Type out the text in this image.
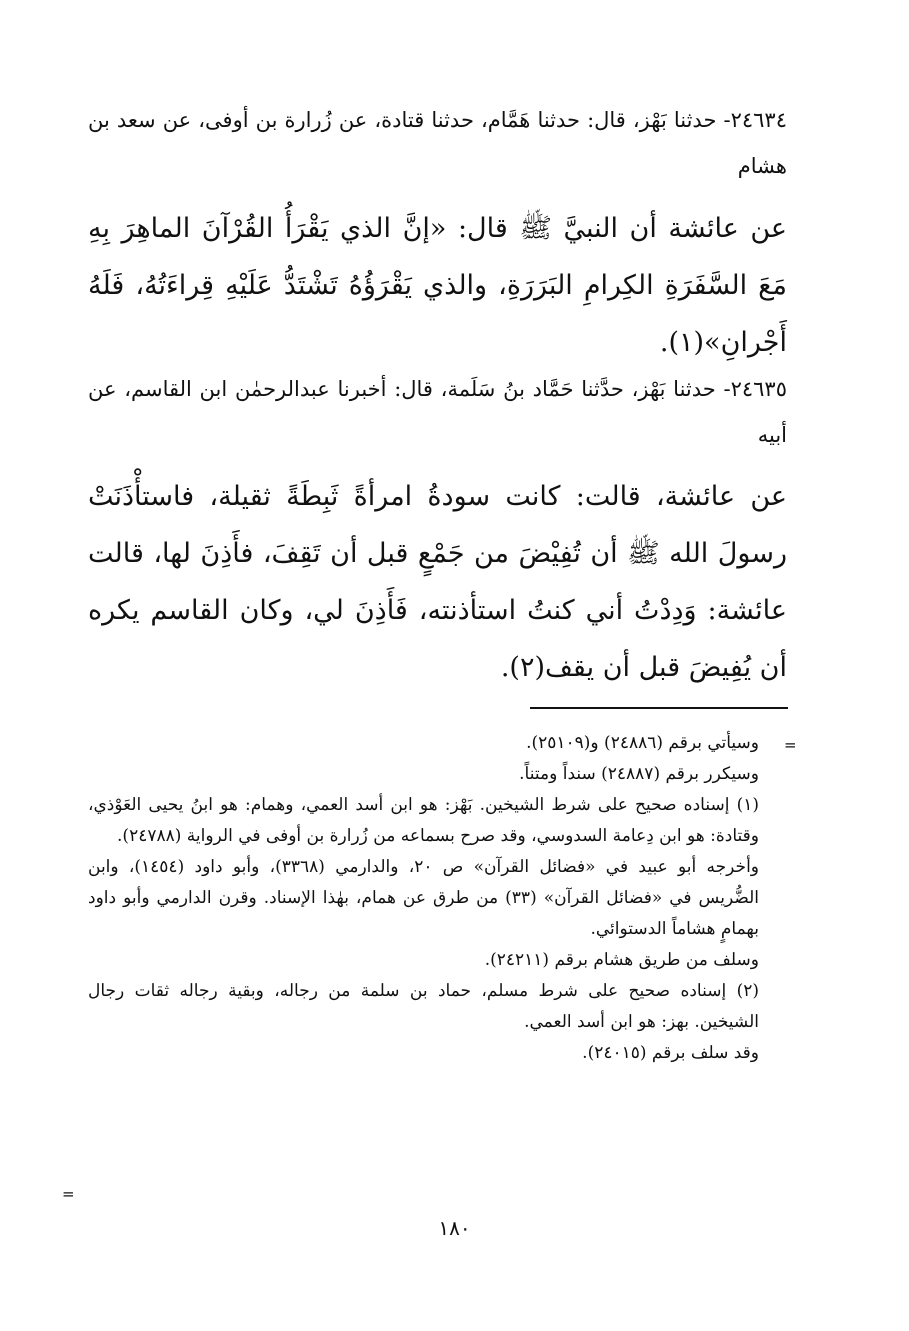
٢٤٦٣٤- حدثنا بَهْز، قال: حدثنا هَمَّام، حدثنا قتادة، عن زُرارة بن أوفى، عن سعد بن هشام
عن عائشة أن النبيَّ ﷺ قال: «إنَّ الذي يَقْرَأُ القُرْآنَ الماهِرَ بِهِ مَعَ السَّفَرَةِ الكِرامِ البَرَرَةِ، والذي يَقْرَؤُهُ تَشْتَدُّ عَلَيْهِ قِراءَتُهُ، فَلَهُ أَجْرانِ»(١).
٢٤٦٣٥- حدثنا بَهْز، حدَّثنا حَمَّاد بنُ سَلَمة، قال: أخبرنا عبدالرحمٰن ابن القاسم، عن أبيه
عن عائشة، قالت: كانت سودةُ امرأةً ثَبِطَةً ثقيلة، فاستأْذَنَتْ رسولَ الله ﷺ أن تُفِيْضَ من جَمْعٍ قبل أن تَقِفَ، فأَذِنَ لها، قالت عائشة: وَدِدْتُ أني كنتُ استأذنته، فَأَذِنَ لي، وكان القاسم يكره أن يُفِيضَ قبل أن يقف(٢).
=

وسيأتي برقم (٢٤٨٨٦) و(٢٥١٠٩).

وسيكرر برقم (٢٤٨٨٧) سنداً ومتناً.

(١) إسناده صحيح على شرط الشيخين. بَهْز: هو ابن أسد العمي، وهمام: هو ابنُ يحيى العَوْذي، وقتادة: هو ابن دِعامة السدوسي، وقد صرح بسماعه من زُرارة بن أوفى في الرواية (٢٤٧٨٨).

وأخرجه أبو عبيد في «فضائل القرآن» ص ٢٠، والدارمي (٣٣٦٨)، وأبو داود (١٤٥٤)، وابن الضُّريس في «فضائل القرآن» (٣٣) من طرق عن همام، بهٰذا الإسناد. وقرن الدارمي وأبو داود بهمامٍ هشاماً الدستوائي.

وسلف من طريق هشام برقم (٢٤٢١١).

(٢) إسناده صحيح على شرط مسلم، حماد بن سلمة من رجاله، وبقية رجاله ثقات رجال الشيخين. بهز: هو ابن أسد العمي.

وقد سلف برقم (٢٤٠١٥).

=
١٨٠
